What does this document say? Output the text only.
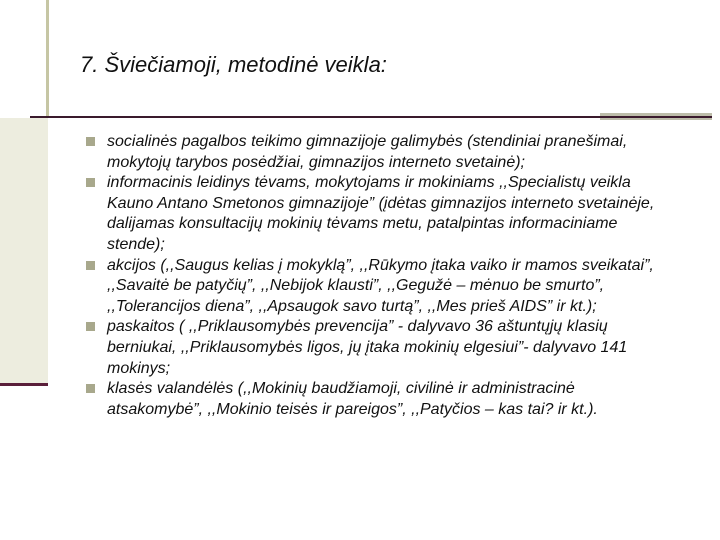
7. Šviečiamoji, metodinė veikla:
socialinės pagalbos teikimo gimnazijoje galimybės (stendiniai pranešimai, mokytojų tarybos posėdžiai, gimnazijos interneto svetainė);
informacinis leidinys tėvams, mokytojams ir mokiniams ,,Specialistų veikla Kauno Antano Smetonos gimnazijoje” (įdėtas gimnazijos interneto svetainėje, dalijamas konsultacijų mokinių tėvams metu, patalpintas informaciniame stende);
akcijos (,,Saugus kelias į mokyklą”, ,,Rūkymo įtaka vaiko ir mamos sveikatai”, ,,Savaitė be patyčių”, ,,Nebijok klausti”, ,,Gegužė – mėnuo be smurto”, ,,Tolerancijos diena”, ,,Apsaugok savo turtą”, ,,Mes prieš AIDS” ir kt.);
paskaitos ( ,,Priklausomybės prevencija” - dalyvavo 36 aštuntųjų klasių berniukai, ,,Priklausomybės ligos, jų įtaka mokinių elgesiui”- dalyvavo 141 mokinys;
klasės valandėlės (,,Mokinių baudžiamoji, civilinė ir administracinė atsakomybė”, ,,Mokinio teisės ir pareigos”, ,,Patyčios – kas tai? ir kt.).
